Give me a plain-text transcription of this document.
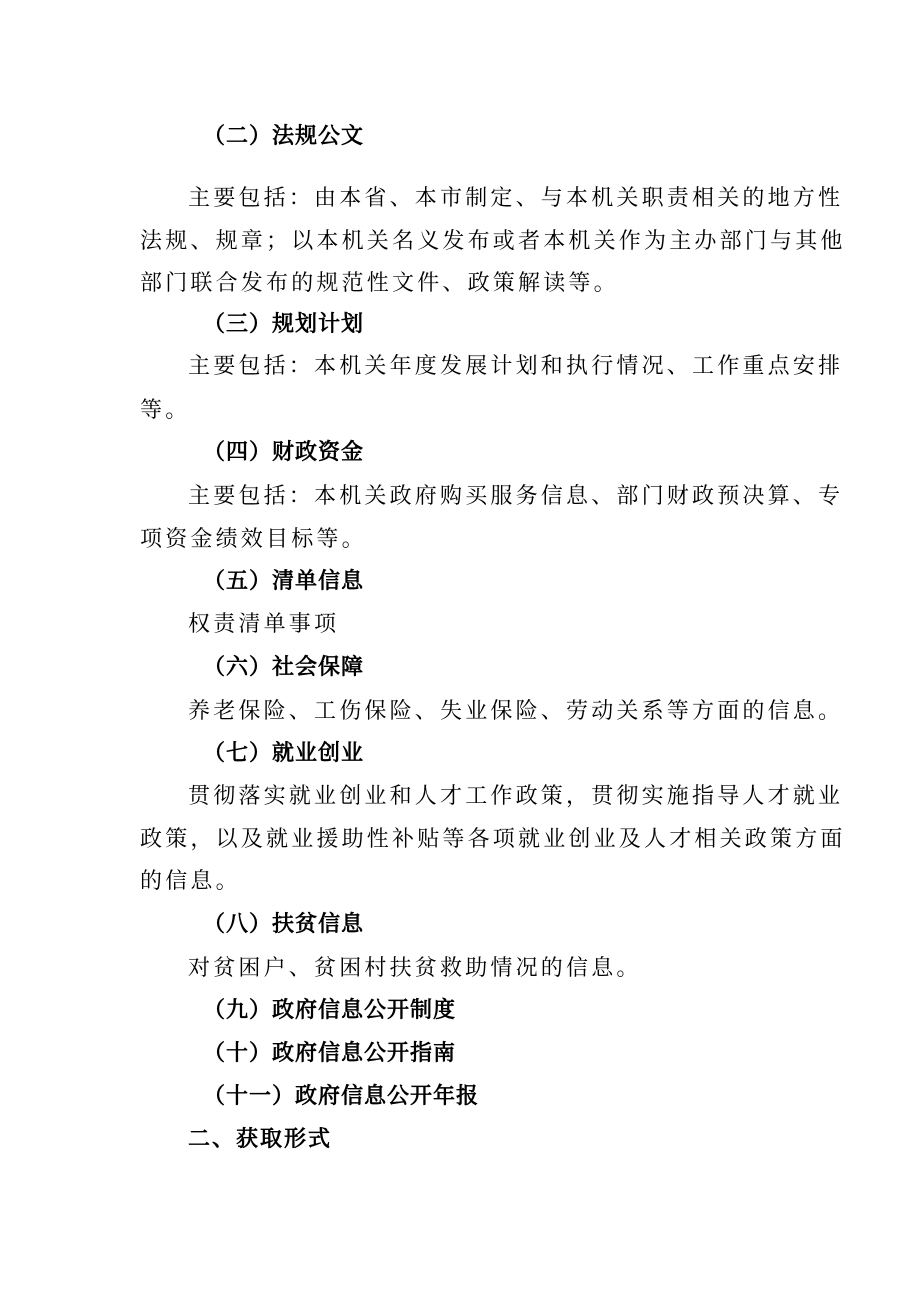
（二）法规公文
主要包括：由本省、本市制定、与本机关职责相关的地方性
法规、规章；以本机关名义发布或者本机关作为主办部门与其他
部门联合发布的规范性文件、政策解读等。
（三）规划计划
主要包括：本机关年度发展计划和执行情况、工作重点安排
等。
（四）财政资金
主要包括：本机关政府购买服务信息、部门财政预决算、专
项资金绩效目标等。
（五）清单信息
权责清单事项
（六）社会保障
养老保险、工伤保险、失业保险、劳动关系等方面的信息。
（七）就业创业
贯彻落实就业创业和人才工作政策，贯彻实施指导人才就业
政策，以及就业援助性补贴等各项就业创业及人才相关政策方面
的信息。
（八）扶贫信息
对贫困户、贫困村扶贫救助情况的信息。
（九）政府信息公开制度
（十）政府信息公开指南
（十一）政府信息公开年报
二、获取形式
